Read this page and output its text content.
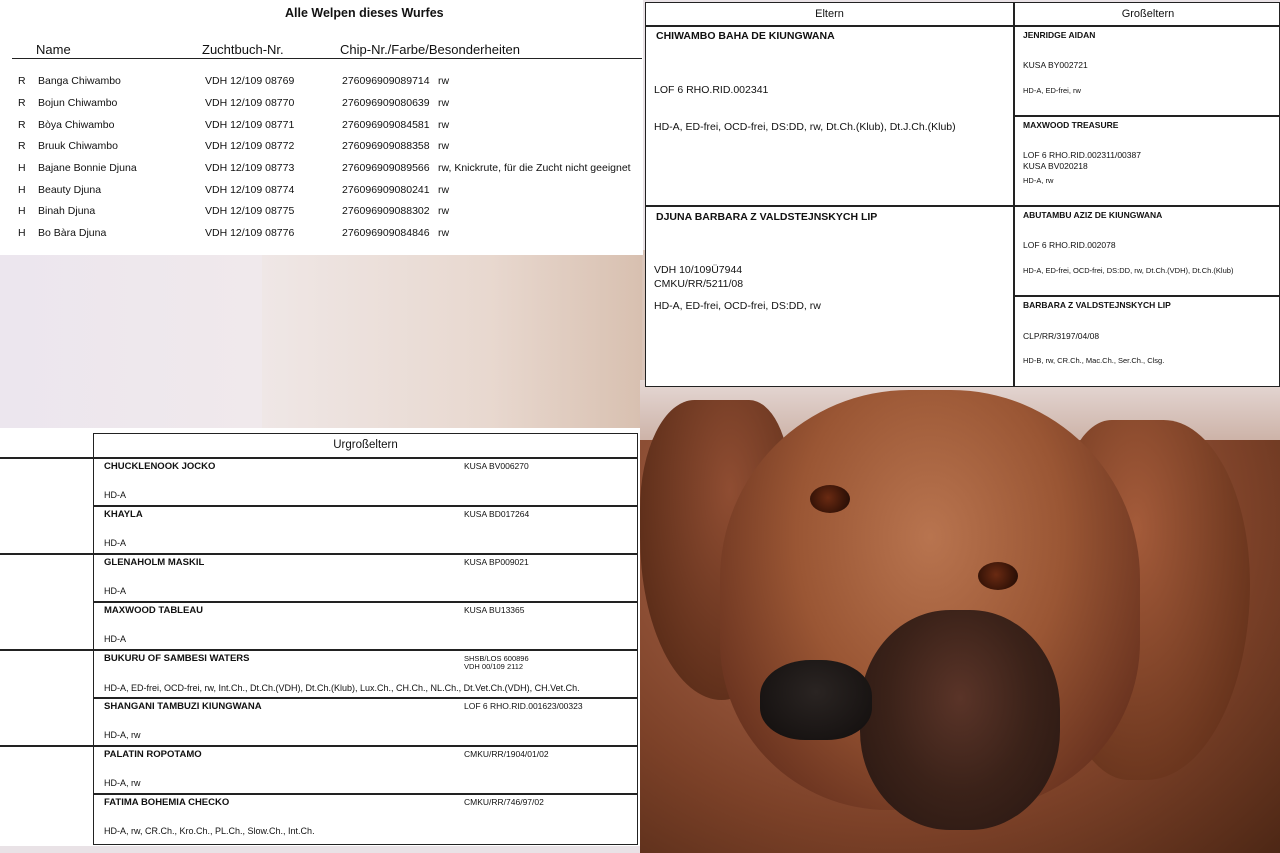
Alle Welpen dieses Wurfes
Name	Zuchtbuch-Nr.	Chip-Nr./Farbe/Besonderheiten
R Banga Chiwambo	VDH 12/109 08769	276096909089714 rw
R Bojun Chiwambo	VDH 12/109 08770	276096909080639 rw
R Bòya Chiwambo	VDH 12/109 08771	276096909084581 rw
R Bruuk Chiwambo	VDH 12/109 08772	276096909088358 rw
H Bajane Bonnie Djuna	VDH 12/109 08773	276096909089566 rw, Knickrute, für die Zucht nicht geeignet
H Beauty Djuna	VDH 12/109 08774	276096909080241 rw
H Binah Djuna	VDH 12/109 08775	276096909088302 rw
H Bo Bàra Djuna	VDH 12/109 08776	276096909084846 rw
Eltern	Großeltern
CHIWAMBO BAHA DE KIUNGWANA
LOF 6 RHO.RID.002341
HD-A, ED-frei, OCD-frei, DS:DD, rw, Dt.Ch.(Klub), Dt.J.Ch.(Klub)
DJUNA BARBARA Z VALDSTEJNSKYCH LIP
VDH 10/109Ü7944
CMKU/RR/5211/08
HD-A, ED-frei, OCD-frei, DS:DD, rw
JENRIDGE AIDAN
KUSA BY002721
HD-A, ED-frei, rw
MAXWOOD TREASURE
LOF 6 RHO.RID.002311/00387
KUSA BV020218
HD-A, rw
ABUTAMBU AZIZ DE KIUNGWANA
LOF 6 RHO.RID.002078
HD-A, ED-frei, OCD-frei, DS:DD, rw, Dt.Ch.(VDH), Dt.Ch.(Klub)
BARBARA Z VALDSTEJNSKYCH LIP
CLP/RR/3197/04/08
HD-B, rw, CR.Ch., Mac.Ch., Ser.Ch., Clsg.
Urgroßeltern
CHUCKLENOOK JOCKO	KUSA BV006270
HD-A
KHAYLA	KUSA BD017264
HD-A
GLENAHOLM MASKIL	KUSA BP009021
HD-A
MAXWOOD TABLEAU	KUSA BU13365
HD-A
BUKURU OF SAMBESI WATERS	SHSB/LOS 600896
VDH 00/109 2112
HD-A, ED-frei, OCD-frei, rw, Int.Ch., Dt.Ch.(VDH), Dt.Ch.(Klub), Lux.Ch., CH.Ch., NL.Ch., Dt.Vet.Ch.(VDH), CH.Vet.Ch.
SHANGANI TAMBUZI KIUNGWANA	LOF 6 RHO.RID.001623/00323
HD-A, rw
PALATIN ROPOTAMO	CMKU/RR/1904/01/02
HD-A, rw
FATIMA BOHEMIA CHECKO	CMKU/RR/746/97/02
HD-A, rw, CR.Ch., Kro.Ch., PL.Ch., Slow.Ch., Int.Ch.
